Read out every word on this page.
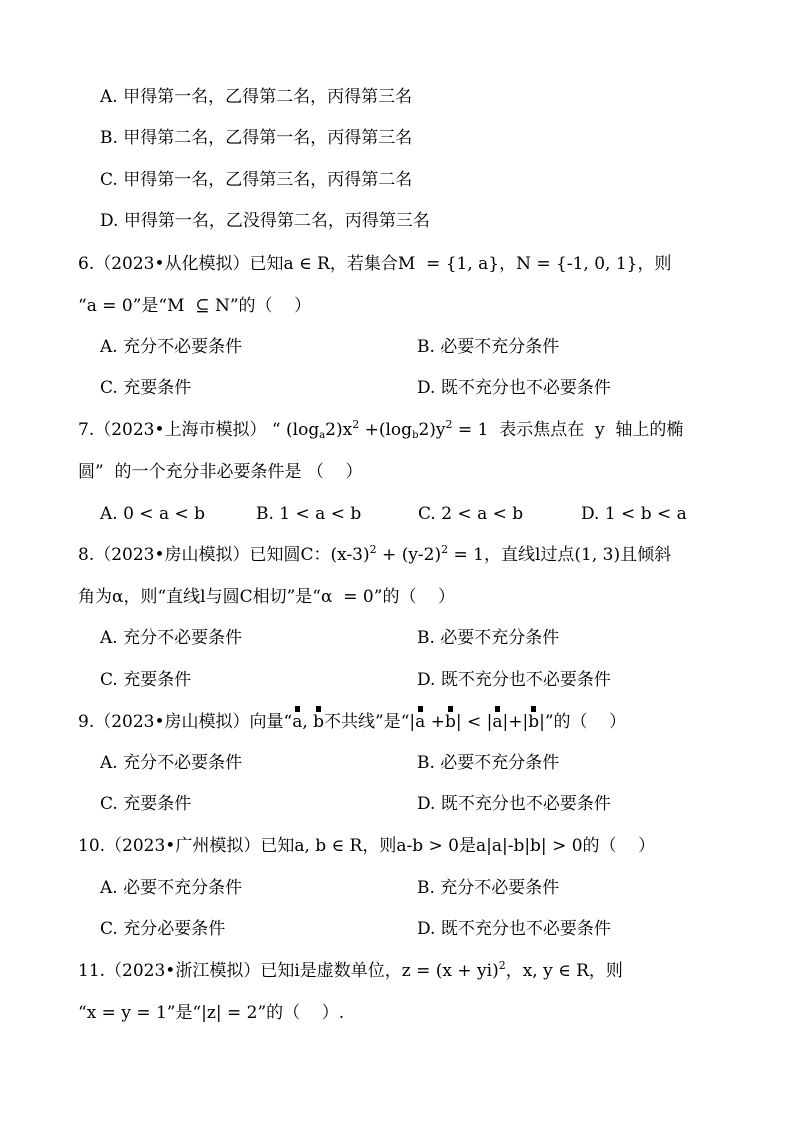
A. 甲得第一名，乙得第二名，丙得第三名
B. 甲得第二名，乙得第一名，丙得第三名
C. 甲得第一名，乙得第三名，丙得第二名
D. 甲得第一名，乙没得第二名，丙得第三名
6.（2023•从化模拟）已知a ∈ R，若集合M  = {1, a}，N = {-1, 0, 1}，则
“a = 0”是“M  ⊆ N”的（    ）
A. 充分不必要条件	B. 必要不充分条件
C. 充要条件	D. 既不充分也不必要条件
7.（2023•上海市模拟） “ $(\log_a2)x^2 +(\log_b2)y^2 = 1$  表示焦点在  y  轴上的椭
圆”  的一个充分非必要条件是 （    ）
A. 0 < a < b	B. 1 < a < b	C. 2 < a < b	D. 1 < b < a
8.（2023•房山模拟）已知圆C：$(x-3)^2 + (y-2)^2 = 1$，直线l过点(1, 3)且倾斜
角为α，则“直线l与圆C相切”是“α  = 0”的（    ）
A. 充分不必要条件	B. 必要不充分条件
C. 充要条件	D. 既不充分也不必要条件
9.（2023•房山模拟）向量“a, b不共线”是“|a +b| < |a|+|b|”的（    ）
A. 充分不必要条件	B. 必要不充分条件
C. 充要条件	D. 既不充分也不必要条件
10.（2023•广州模拟）已知a, b ∈ R，则a-b > 0是a|a|-b|b| > 0的（    ）
A. 必要不充分条件	B. 充分不必要条件
C. 充分必要条件	D. 既不充分也不必要条件
11.（2023•浙江模拟）已知i是虚数单位，z = (x + yi)$^2$，x, y ∈ R，则
“x = y = 1”是“|z| = 2”的（    ）.
